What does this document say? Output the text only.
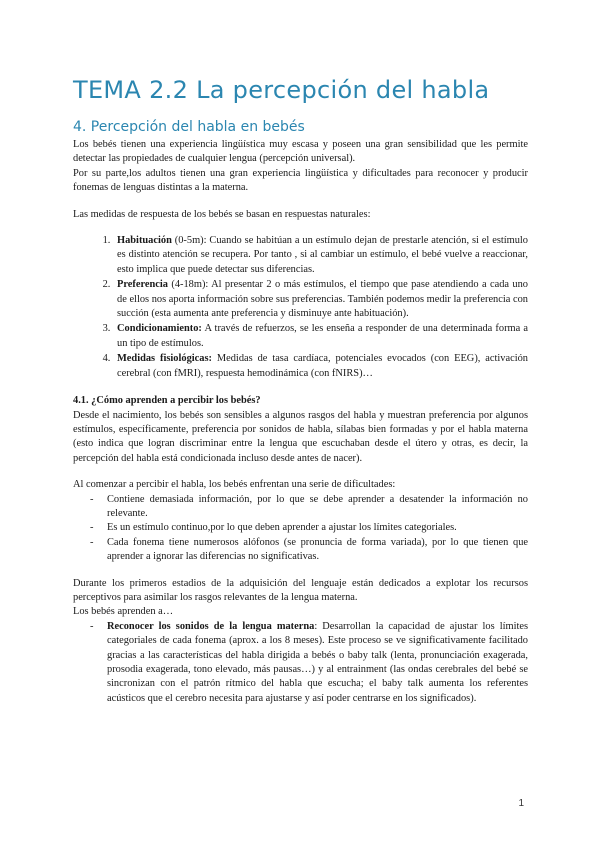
TEMA 2.2 La percepción del habla
4. Percepción del habla en bebés

Los bebés tienen una experiencia lingüística muy escasa y poseen una gran sensibilidad que les permite detectar las propiedades de cualquier lengua (percepción universal).

Por su parte,los adultos tienen una gran experiencia lingüística y dificultades para reconocer y producir fonemas de lenguas distintas a la materna.

Las medidas de respuesta de los bebés se basan en respuestas naturales:

1. Habituación (0-5m): Cuando se habitúan a un estímulo dejan de prestarle atención, si el estímulo es distinto atención se recupera. Por tanto , si al cambiar un estímulo, el bebé vuelve a reaccionar, esto implica que puede detectar sus diferencias.
2. Preferencia (4-18m): Al presentar 2 o más estímulos, el tiempo que pase atendiendo a cada uno de ellos nos aporta información sobre sus preferencias. También podemos medir la preferencia con succión (esta aumenta ante preferencia y disminuye ante habituación).
3. Condicionamiento: A través de refuerzos, se les enseña a responder de una determinada forma a un tipo de estímulos.
4. Medidas fisiológicas: Medidas de tasa cardíaca, potenciales evocados (con EEG), activación cerebral (con fMRI), respuesta hemodinámica (con fNIRS)…

4.1. ¿Cómo aprenden a percibir los bebés?

Desde el nacimiento, los bebés son sensibles a algunos rasgos del habla y muestran preferencia por algunos estímulos, específicamente, preferencia por sonidos de habla, sílabas bien formadas y por el habla materna (esto indica que logran discriminar entre la lengua que escuchaban desde el útero y otras, es decir, la percepción del habla está condicionada incluso desde antes de nacer).

Al comenzar a percibir el habla, los bebés enfrentan una serie de dificultades:

- Contiene demasiada información, por lo que se debe aprender a desatender la información no relevante.
- Es un estímulo continuo,por lo que deben aprender a ajustar los límites categoriales.
- Cada fonema tiene numerosos alófonos (se pronuncia de forma variada), por lo que tienen que aprender a ignorar las diferencias no significativas.

Durante los primeros estadios de la adquisición del lenguaje están dedicados a explotar los recursos perceptivos para asimilar los rasgos relevantes de la lengua materna.

Los bebés aprenden a…

- Reconocer los sonidos de la lengua materna: Desarrollan la capacidad de ajustar los límites categoriales de cada fonema (aprox. a los 8 meses). Este proceso se ve significativamente facilitado gracias a las características del habla dirigida a bebés o baby talk (lenta, pronunciación exagerada, prosodia exagerada, tono elevado, más pausas…) y al entrainment (las ondas cerebrales del bebé se sincronizan con el patrón rítmico del habla que escucha; el baby talk aumenta los referentes acústicos que el cerebro necesita para ajustarse y así poder centrarse en los significados).
1
